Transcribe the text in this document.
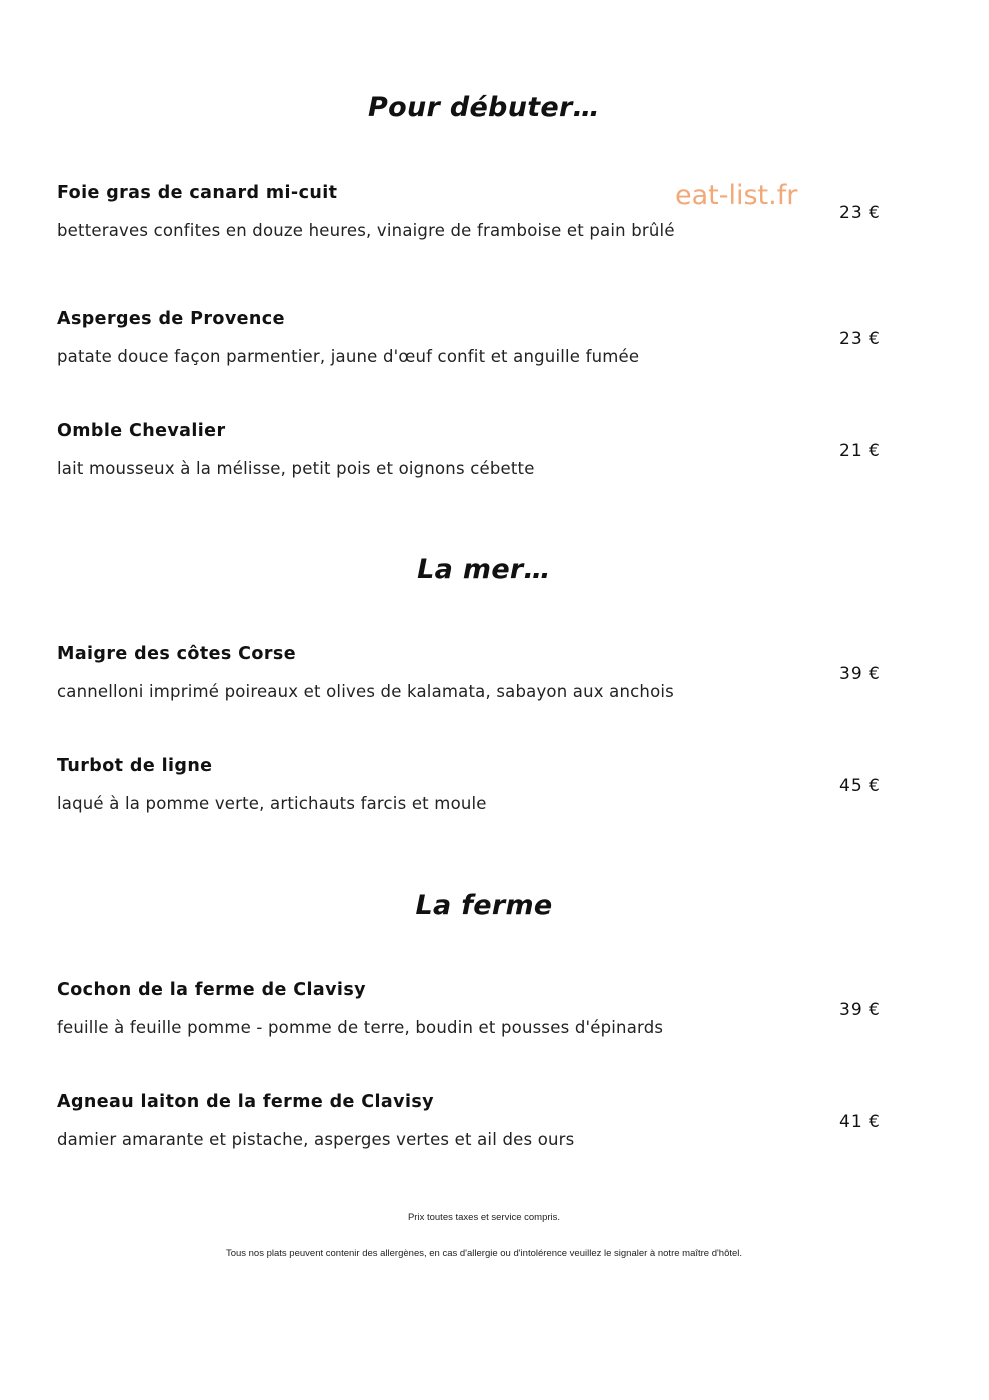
Pour débuter…
Foie gras de canard mi-cuit
betteraves confites en douze heures, vinaigre de framboise et pain brûlé
23 €
eat-list.fr
Asperges de Provence
patate douce façon parmentier, jaune d'œuf confit et anguille fumée
23 €
Omble Chevalier
lait mousseux à la mélisse, petit pois et oignons cébette
21 €
La mer…
Maigre des côtes Corse
cannelloni imprimé poireaux et olives de kalamata, sabayon aux anchois
39 €
Turbot de ligne
laqué à la pomme verte, artichauts farcis et moule
45 €
La ferme
Cochon de la ferme de Clavisy
feuille à feuille pomme - pomme de terre, boudin et pousses d'épinards
39 €
Agneau laiton de la ferme de Clavisy
damier amarante et pistache, asperges vertes et ail des ours
41 €
Prix toutes taxes et service compris.
Tous nos plats peuvent contenir des allergènes, en cas d'allergie ou d'intolérence veuillez le signaler à notre maître d'hôtel.
